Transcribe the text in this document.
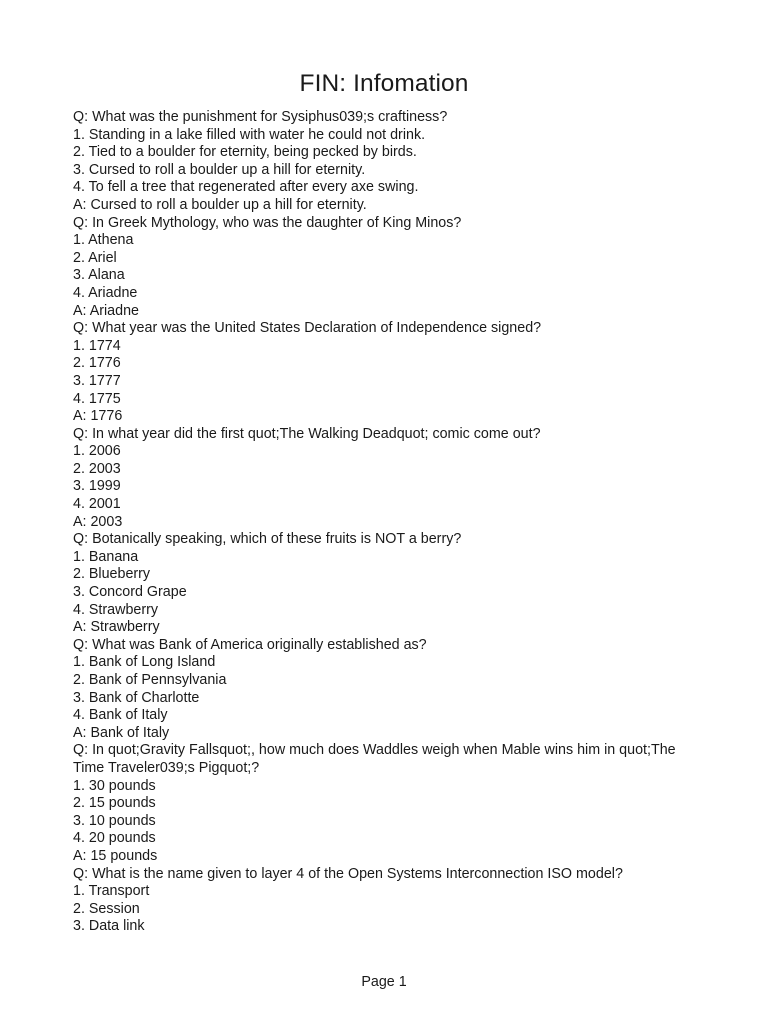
FIN: Infomation
Q: What was the punishment for Sysiphus039;s craftiness?
1. Standing in a lake filled with water he could not drink.
2. Tied to a boulder for eternity, being pecked by birds.
3. Cursed to roll a boulder up a hill for eternity.
4. To fell a tree that regenerated after every axe swing.
A: Cursed to roll a boulder up a hill for eternity.
Q: In Greek Mythology, who was the daughter of King Minos?
1. Athena
2. Ariel
3. Alana
4. Ariadne
A: Ariadne
Q: What year was the United States Declaration of Independence signed?
1. 1774
2. 1776
3. 1777
4. 1775
A: 1776
Q: In what year did the first quot;The Walking Deadquot; comic come out?
1. 2006
2. 2003
3. 1999
4. 2001
A: 2003
Q: Botanically speaking, which of these fruits is NOT a berry?
1. Banana
2. Blueberry
3. Concord Grape
4. Strawberry
A: Strawberry
Q: What was Bank of America originally established as?
1. Bank of Long Island
2. Bank of Pennsylvania
3. Bank of Charlotte
4. Bank of Italy
A: Bank of Italy
Q: In quot;Gravity Fallsquot;, how much does Waddles weigh when Mable wins him in quot;The Time Traveler039;s Pigquot;?
1. 30 pounds
2. 15 pounds
3. 10 pounds
4. 20 pounds
A: 15 pounds
Q: What is the name given to layer 4 of the Open Systems Interconnection ISO model?
1. Transport
2. Session
3. Data link
Page 1
